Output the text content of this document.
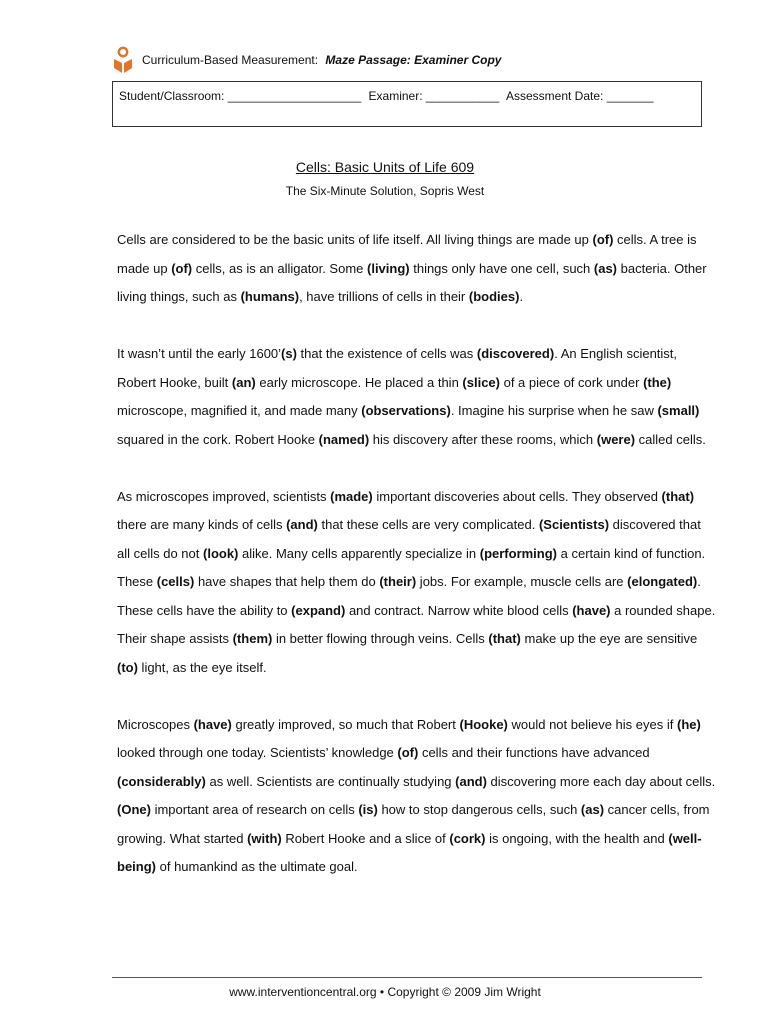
Curriculum-Based Measurement: Maze Passage: Examiner Copy
Student/Classroom: ____________________ Examiner: ___________ Assessment Date: _______
Cells: Basic Units of Life 609
The Six-Minute Solution, Sopris West

Cells are considered to be the basic units of life itself. All living things are made up (of) cells. A tree is made up (of) cells, as is an alligator. Some (living) things only have one cell, such (as) bacteria. Other living things, such as (humans), have trillions of cells in their (bodies).

It wasn’t until the early 1600’(s) that the existence of cells was (discovered). An English scientist, Robert Hooke, built (an) early microscope. He placed a thin (slice) of a piece of cork under (the) microscope, magnified it, and made many (observations). Imagine his surprise when he saw (small) squared in the cork. Robert Hooke (named) his discovery after these rooms, which (were) called cells.

As microscopes improved, scientists (made) important discoveries about cells. They observed (that) there are many kinds of cells (and) that these cells are very complicated. (Scientists) discovered that all cells do not (look) alike. Many cells apparently specialize in (performing) a certain kind of function. These (cells) have shapes that help them do (their) jobs. For example, muscle cells are (elongated). These cells have the ability to (expand) and contract. Narrow white blood cells (have) a rounded shape. Their shape assists (them) in better flowing through veins. Cells (that) make up the eye are sensitive (to) light, as the eye itself.

Microscopes (have) greatly improved, so much that Robert (Hooke) would not believe his eyes if (he) looked through one today. Scientists’ knowledge (of) cells and their functions have advanced (considerably) as well. Scientists are continually studying (and) discovering more each day about cells. (One) important area of research on cells (is) how to stop dangerous cells, such (as) cancer cells, from growing. What started (with) Robert Hooke and a slice of (cork) is ongoing, with the health and (well-being) of humankind as the ultimate goal.

www.interventioncentral.org • Copyright © 2009 Jim Wright
